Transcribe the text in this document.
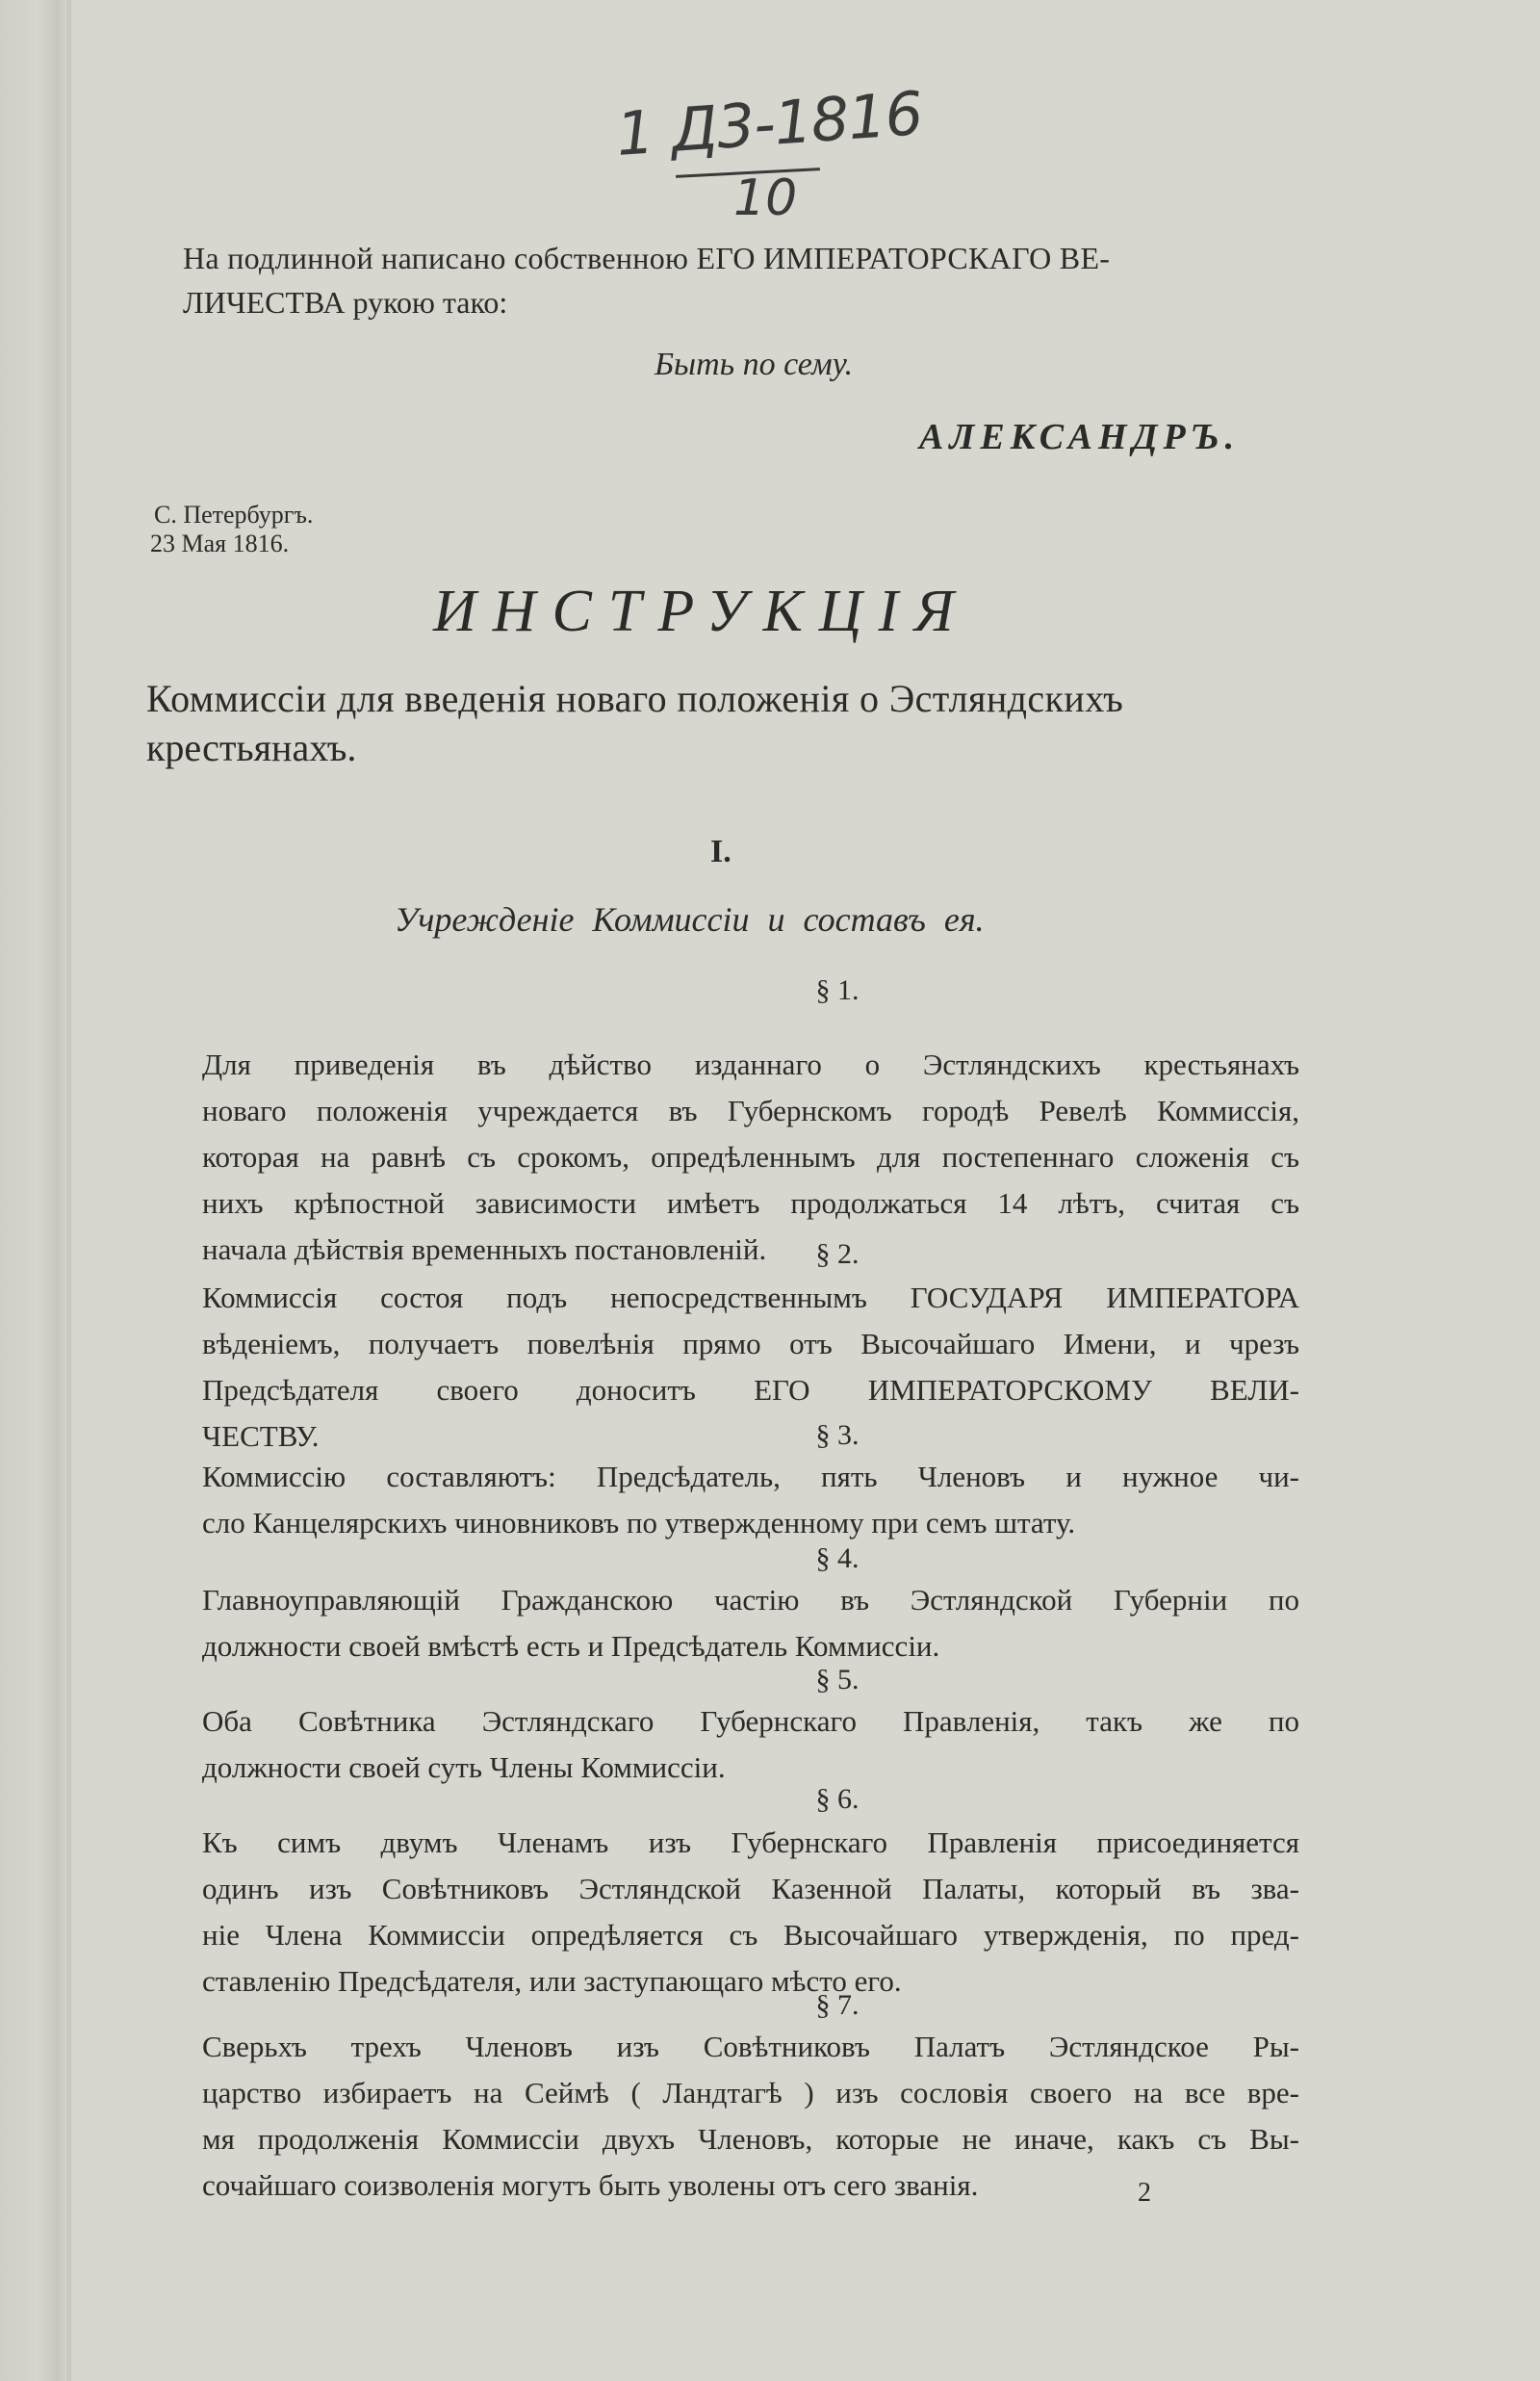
1 Д3-1816
10
На подлинной написано собственною ЕГО ИМПЕРАТОРСКАГО ВЕ-
ЛИЧЕСТВА рукою тако:
Быть по сему.
АЛЕКСАНДРЪ.
С. Петербургъ.
23 Мая 1816.
ИНСТРУКЦІЯ
Коммиссіи для введенія новаго положенія о Эстляндскихъ
крестьянахъ.
I.
Учрежденіе Коммиссіи и составъ ея.
§ 1.
Для приведенія въ дѣйство изданнаго о Эстляндскихъ крестьянахъ
новаго положенія учреждается въ Губернскомъ городѣ Ревелѣ Коммиссія,
которая на равнѣ съ срокомъ, опредѣленнымъ для постепеннаго сложенія съ
нихъ крѣпостной зависимости имѣетъ продолжаться 14 лѣтъ, считая съ
начала дѣйствія временныхъ постановленій.	§ 2.
Коммиссія состоя подъ непосредственнымъ ГОСУДАРЯ ИМПЕРАТОРА
вѣденіемъ, получаетъ повелѣнія прямо отъ Высочайшаго Имени, и чрезъ
Предсѣдателя своего доноситъ ЕГО ИМПЕРАТОРСКОМУ ВЕЛИ-
ЧЕСТВУ.	§ 3.
Коммиссію составляютъ: Предсѣдатель, пять Членовъ и нужное чи-
сло Канцелярскихъ чиновниковъ по утвержденному при семъ штату.
§ 4.
Главноуправляющій Гражданскою частію въ Эстляндской Губерніи по
должности своей вмѣстѣ есть и Предсѣдатель Коммиссіи.
§ 5.
Оба Совѣтника Эстляндскаго Губернскаго Правленія, такъ же по
должности своей суть Члены Коммиссіи.
§ 6.
Къ симъ двумъ Членамъ изъ Губернскаго Правленія присоединяется
одинъ изъ Совѣтниковъ Эстляндской Казенной Палаты, который въ зва-
ніе Члена Коммиссіи опредѣляется съ Высочайшаго утвержденія, по пред-
ставленію Предсѣдателя, или заступающаго мѣсто его.
§ 7.
Сверьхъ трехъ Членовъ изъ Совѣтниковъ Палатъ Эстляндское Ры-
царство избираетъ на Сеймѣ ( Ландтагѣ ) изъ сословія своего на все вре-
мя продолженія Коммиссіи двухъ Членовъ, которые не иначе, какъ съ Вы-
сочайшаго соизволенія могутъ быть уволены отъ сего званія.	2
